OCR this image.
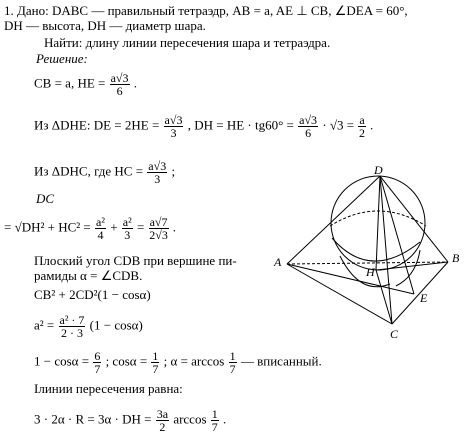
1. Дано: DABC — правильный тетраэдр, AB = a, AE ⊥ CB, ∠DEA = 60°,
DH — высота, DH — диаметр шара.
Найти: длину линии пересечения шара и тетраэдра.
Решение:
CB = a, HE = $\frac{a√3}{6}$ .
Из ΔDHE: DE = $2HE = \frac{a√3}{3}$ , DH = HE · $tg60^\circ = \frac{a√3}{6} \cdot √3 = \frac{a}{2}$ .
Из ΔDHC, где HC = $\frac{a√3}{3}$ ;
DC
= $√DH^2 + HC^2 = \frac{\text{a²}}{4} + \frac{\text{a²}}{3} = \frac{a√7}{2√3}$ .
Плоский угол CDB при вершине пи-
рамиды α = ∠CDB.
CB² + 2CD²(1 − cosα)
$a^2 = \frac{\text{a² · 7}}{2 \cdot 3} (1 - \cos\alpha)$
$1 - \cos\alpha = \frac{6}{7}$ ; $\cos\alpha = \frac{1}{7}$ ; $\alpha = \arccos \frac{1}{7}$ — вписанный.
Iлинии пересечения равна:
3 · 2α · R = 3α · DH = $\frac{3a}{2}$ $\arccos \frac{1}{7}$ .
D
A	B
C
H
E
